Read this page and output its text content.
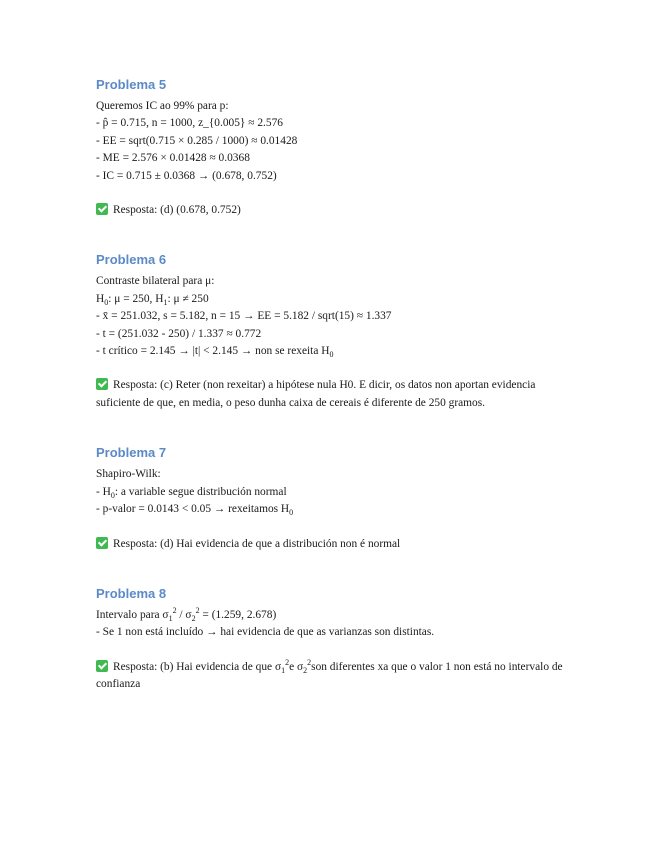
Problema 5
Queremos IC ao 99% para p:
- p̂ = 0.715, n = 1000, z_{0.005} ≈ 2.576
- EE = sqrt(0.715 × 0.285 / 1000) ≈ 0.01428
- ME = 2.576 × 0.01428 ≈ 0.0368
- IC = 0.715 ± 0.0368 → (0.678, 0.752)
Resposta: (d) (0.678, 0.752)
Problema 6
Contraste bilateral para μ:
$H_0$: μ = 250, $H_1$: μ ≠ 250
- x̄ = 251.032, s = 5.182, n = 15 → EE = 5.182 / sqrt(15) ≈ 1.337
- t = (251.032 - 250) / 1.337 ≈ 0.772
- t crítico = 2.145 → |t| < 2.145 → non se rexeita $H_0$
Resposta: (c) Reter (non rexeitar) a hipótese nula H0. E dicir, os datos non aportan evidencia suficiente de que, en media, o peso dunha caixa de cereais é diferente de 250 gramos.
Problema 7
Shapiro-Wilk:
- $H_0$: a variable segue distribución normal
- p-valor = 0.0143 < 0.05 → rexeitamos $H_0$
Resposta: (d) Hai evidencia de que a distribución non é normal
Problema 8
Intervalo para $\sigma_1^2 / \sigma_2^2 = (1.259$, 2.678)
- Se 1 non está incluído → hai evidencia de que as varianzas son distintas.
Resposta: (b) Hai evidencia de que $\sigma_1^2e$ $\sigma_2^2son$ diferentes xa que o valor 1 non está no intervalo de confianza
